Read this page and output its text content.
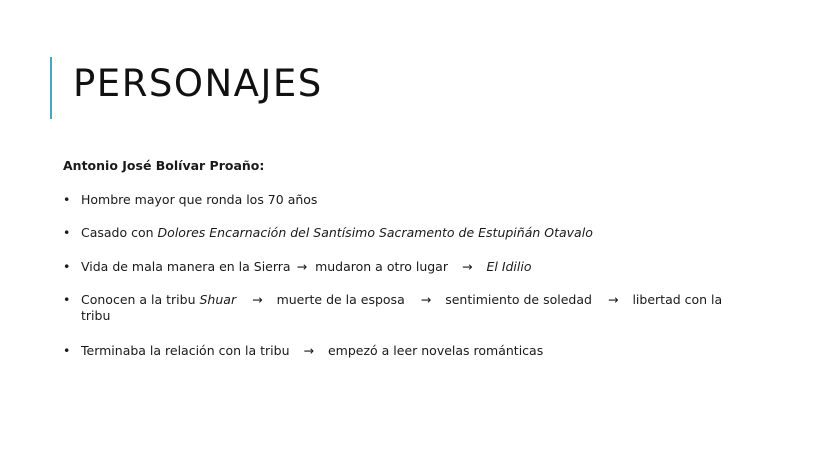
PERSONAJES

Antonio José Bolívar Proaño:

• Hombre mayor que ronda los 70 años
• Casado con Dolores Encarnación del Santísimo Sacramento de Estupiñán Otavalo
• Vida de mala manera en la Sierra → mudaron a otro lugar → El Idilio
• Conocen a la tribu Shuar → muerte de la esposa → sentimiento de soledad → libertad con la tribu
• Terminaba la relación con la tribu → empezó a leer novelas románticas
